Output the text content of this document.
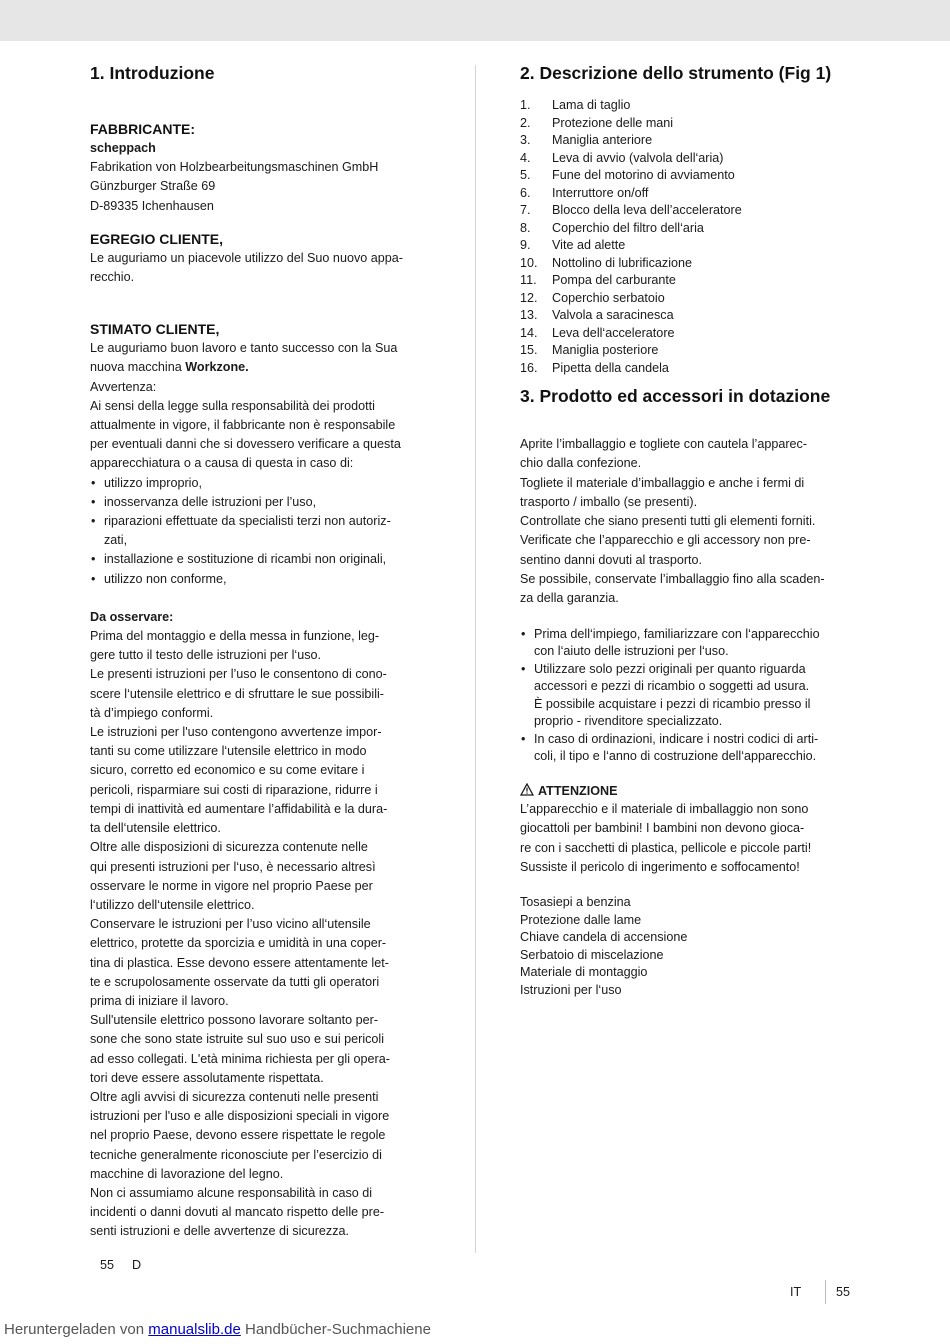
1. Introduzione
FABBRICANTE:

scheppach

Fabrikation von Holzbearbeitungsmaschinen GmbH

Günzburger Straße 69

D-89335 Ichenhausen

EGREGIO CLIENTE,

Le auguriamo un piacevole utilizzo del Suo nuovo appa-

recchio.

STIMATO CLIENTE,

Le auguriamo buon lavoro e tanto successo con la Sua

nuova macchina Workzone.

Avvertenza:

Ai sensi della legge sulla responsabilità dei prodotti

attualmente in vigore, il fabbricante non è responsabile

per eventuali danni che si dovessero verificare a questa

apparecchiatura o a causa di questa in caso di:

• utilizzo improprio,
• inosservanza delle istruzioni per l’uso,
• riparazioni effettuate da specialisti terzi non autoriz-
zati,
• installazione e sostituzione di ricambi non originali,
• utilizzo non conforme,

Da osservare:

Prima del montaggio e della messa in funzione, leg-

gere tutto il testo delle istruzioni per l‘uso.

Le presenti istruzioni per l’uso le consentono di cono-

scere l‘utensile elettrico e di sfruttare le sue possibili-

tà d’impiego conformi.

Le istruzioni per l'uso contengono avvertenze impor-

tanti su come utilizzare l‘utensile elettrico in modo

sicuro, corretto ed economico e su come evitare i

pericoli, risparmiare sui costi di riparazione, ridurre i

tempi di inattività ed aumentare l’affidabilità e la dura-

ta dell‘utensile elettrico.

Oltre alle disposizioni di sicurezza contenute nelle

qui presenti istruzioni per l‘uso, è necessario altresì

osservare le norme in vigore nel proprio Paese per

l‘utilizzo dell‘utensile elettrico.

Conservare le istruzioni per l’uso vicino all‘utensile

elettrico, protette da sporcizia e umidità in una coper-

tina di plastica. Esse devono essere attentamente let-

te e scrupolosamente osservate da tutti gli operatori

prima di iniziare il lavoro.

Sull'utensile elettrico possono lavorare soltanto per-

sone che sono state istruite sul suo uso e sui pericoli

ad esso collegati. L'età minima richiesta per gli opera-

tori deve essere assolutamente rispettata.

Oltre agli avvisi di sicurezza contenuti nelle presenti

istruzioni per l'uso e alle disposizioni speciali in vigore

nel proprio Paese, devono essere rispettate le regole

tecniche generalmente riconosciute per l’esercizio di

macchine di lavorazione del legno.

Non ci assumiamo alcune responsabilità in caso di

incidenti o danni dovuti al mancato rispetto delle pre-

senti istruzioni e delle avvertenze di sicurezza.

2. Descrizione dello strumento (Fig 1)
1. Lama di taglio
2. Protezione delle mani
3. Maniglia anteriore
4. Leva di avvio (valvola dell‘aria)
5. Fune del motorino di avviamento
6. Interruttore on/off
7. Blocco della leva dell’acceleratore
8. Coperchio del filtro dell‘aria
9. Vite ad alette
10. Nottolino di lubrificazione
11. Pompa del carburante
12. Coperchio serbatoio
13. Valvola a saracinesca
14. Leva dell‘acceleratore
15. Maniglia posteriore
16. Pipetta della candela
3. Prodotto ed accessori in dotazione

Aprite l’imballaggio e togliete con cautela l’apparec-

chio dalla confezione.

Togliete il materiale d’imballaggio e anche i fermi di

trasporto / imballo (se presenti).

Controllate che siano presenti tutti gli elementi forniti.

Verificate che l’apparecchio e gli accessory non pre-

sentino danni dovuti al trasporto.

Se possibile, conservate l’imballaggio fino alla scaden-

za della garanzia.

• Prima dell‘impiego, familiarizzare con l‘apparecchio
con l‘aiuto delle istruzioni per l‘uso.
• Utilizzare solo pezzi originali per quanto riguarda
accessori e pezzi di ricambio o soggetti ad usura.
È possibile acquistare i pezzi di ricambio presso il
proprio - rivenditore specializzato.
• In caso di ordinazioni, indicare i nostri codici di arti-
coli, il tipo e l‘anno di costruzione dell‘apparecchio.

ATTENZIONE

L’apparecchio e il materiale di imballaggio non sono

giocattoli per bambini! I bambini non devono gioca-

re con i sacchetti di plastica, pellicole e piccole parti!

Sussiste il pericolo di ingerimento e soffocamento!

Tosasiepi a benzina

Protezione dalle lame

Chiave candela di accensione

Serbatoio di miscelazione

Materiale di montaggio

Istruzioni per l‘uso

55 D
IT	55
Heruntergeladen von manualslib.de Handbücher-Suchmachiene
